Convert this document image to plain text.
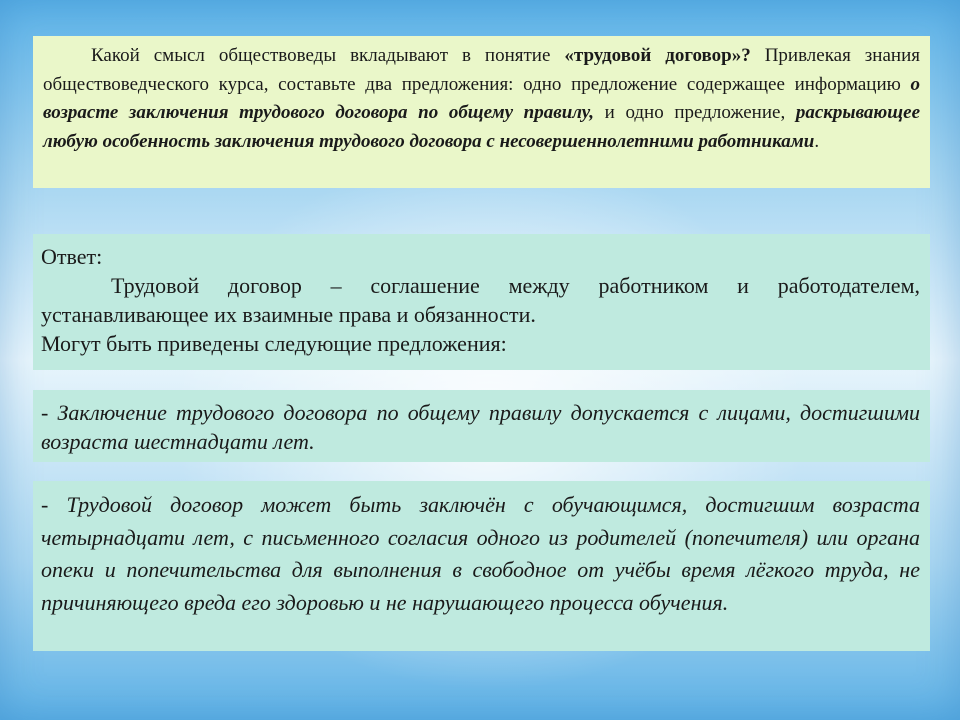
Какой смысл обществоведы вкладывают в понятие «трудовой договор»? Привлекая знания обществоведческого курса, составьте два предложения: одно предложение содержащее информацию о возрасте заключения трудового договора по общему правилу, и одно предложение, раскрывающее любую особенность заключения трудового договора с несовершеннолетними работниками.
Ответ:
Трудовой договор – соглашение между работником и работодателем, устанавливающее их взаимные права и обязанности.
Могут быть приведены следующие предложения:
- Заключение трудового договора по общему правилу допускается с лицами, достигшими возраста шестнадцати лет.
- Трудовой договор может быть заключён с обучающимся, достигшим возраста четырнадцати лет, с письменного согласия одного из родителей (попечителя) или органа опеки и попечительства для выполнения в свободное от учёбы время лёгкого труда, не причиняющего вреда его здоровью и не нарушающего процесса обучения.
